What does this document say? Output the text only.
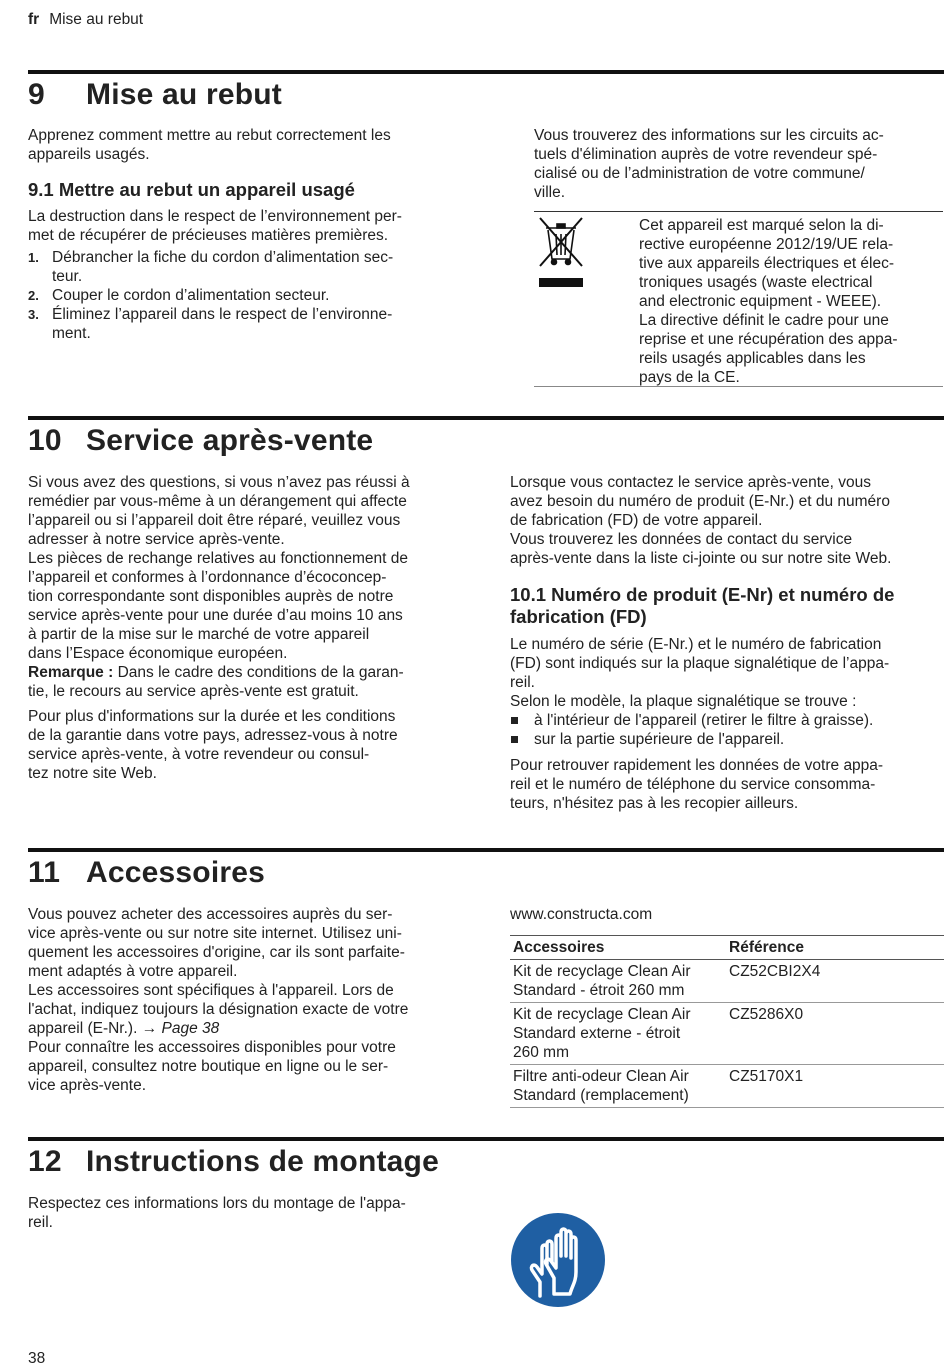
fr Mise au rebut
9 Mise au rebut
Apprenez comment mettre au rebut correctement les
appareils usagés.
9.1 Mettre au rebut un appareil usagé
La destruction dans le respect de l’environnement per-
met de récupérer de précieuses matières premières.
1. Débrancher la fiche du cordon d’alimentation sec-
teur.
2. Couper le cordon d’alimentation secteur.
3. Éliminez l’appareil dans le respect de l’environne-
ment.
Vous trouverez des informations sur les circuits ac-
tuels d'élimination auprès de votre revendeur spé-
cialisé ou de l’administration de votre commune/
ville.
Cet appareil est marqué selon la di-
rective européenne 2012/19/UE rela-
tive aux appareils électriques et élec-
troniques usagés (waste electrical
and electronic equipment - WEEE).
La directive définit le cadre pour une
reprise et une récupération des appa-
reils usagés applicables dans les
pays de la CE.
10 Service après-vente
Si vous avez des questions, si vous n’avez pas réussi à
remédier par vous-même à un dérangement qui affecte
l’appareil ou si l’appareil doit être réparé, veuillez vous
adresser à notre service après-vente.
Les pièces de rechange relatives au fonctionnement de
l’appareil et conformes à l’ordonnance d’écoconcep-
tion correspondante sont disponibles auprès de notre
service après-vente pour une durée d’au moins 10 ans
à partir de la mise sur le marché de votre appareil
dans l’Espace économique européen.
Remarque : Dans le cadre des conditions de la garan-
tie, le recours au service après-vente est gratuit.
Pour plus d'informations sur la durée et les conditions
de la garantie dans votre pays, adressez-vous à notre
service après-vente, à votre revendeur ou consul-
tez notre site Web.
Lorsque vous contactez le service après-vente, vous
avez besoin du numéro de produit (E-Nr.) et du numéro
de fabrication (FD) de votre appareil.
Vous trouverez les données de contact du service
après-vente dans la liste ci-jointe ou sur notre site Web.
10.1 Numéro de produit (E-Nr) et numéro de
fabrication (FD)
Le numéro de série (E-Nr.) et le numéro de fabrication
(FD) sont indiqués sur la plaque signalétique de l’appa-
reil.
Selon le modèle, la plaque signalétique se trouve :
à l'intérieur de l'appareil (retirer le filtre à graisse).
sur la partie supérieure de l'appareil.
Pour retrouver rapidement les données de votre appa-
reil et le numéro de téléphone du service consomma-
teurs, n'hésitez pas à les recopier ailleurs.
11 Accessoires
Vous pouvez acheter des accessoires auprès du ser-
vice après-vente ou sur notre site internet. Utilisez uni-
quement les accessoires d'origine, car ils sont parfaite-
ment adaptés à votre appareil.
Les accessoires sont spécifiques à l'appareil. Lors de
l'achat, indiquez toujours la désignation exacte de votre
appareil (E-Nr.). → Page 38
Pour connaître les accessoires disponibles pour votre
appareil, consultez notre boutique en ligne ou le ser-
vice après-vente.
www.constructa.com
Accessoires	Référence

Kit de recyclage Clean Air
Standard - étroit 260 mm	CZ52CBI2X4

Kit de recyclage Clean Air
Standard externe - étroit
260 mm	CZ5286X0

Filtre anti-odeur Clean Air
Standard (remplacement)	CZ5170X1
12 Instructions de montage
Respectez ces informations lors du montage de l'appa-
reil.
38
